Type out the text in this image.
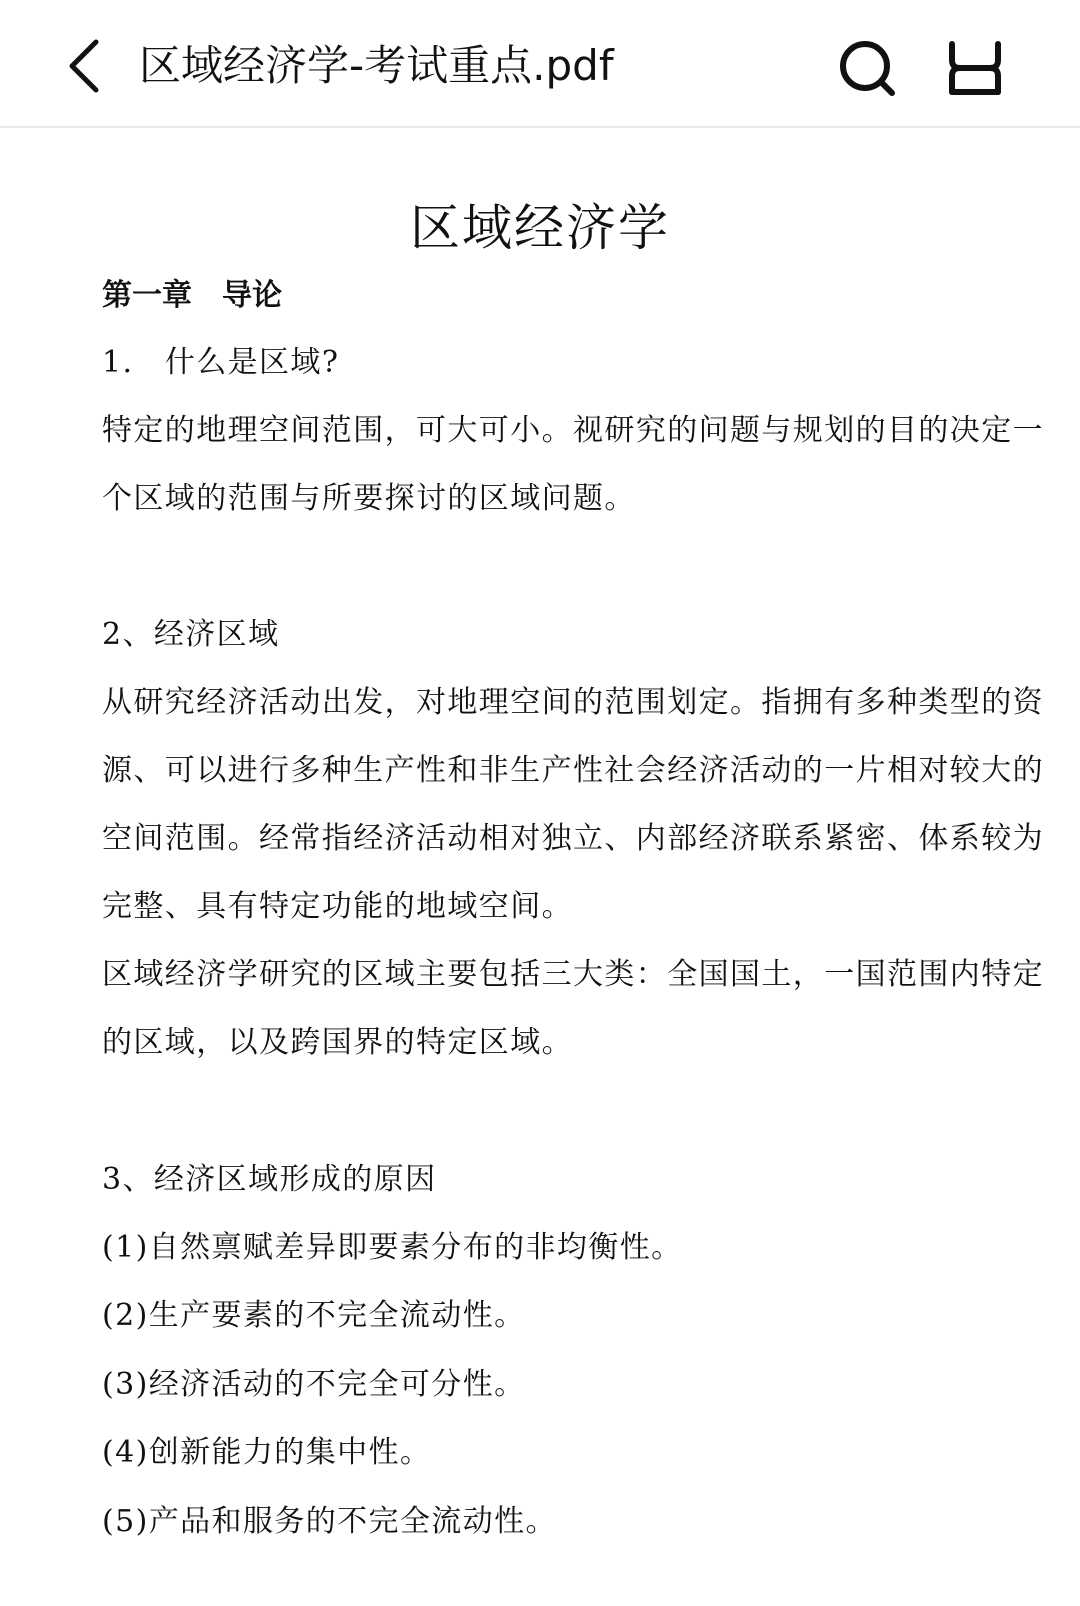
区域经济学-考试重点.pdf
区域经济学
第一章　导论
1.　什么是区域?
特定的地理空间范围，可大可小。视研究的问题与规划的目的决定一
个区域的范围与所要探讨的区域问题。
2、经济区域
从研究经济活动出发，对地理空间的范围划定。指拥有多种类型的资
源、可以进行多种生产性和非生产性社会经济活动的一片相对较大的
空间范围。经常指经济活动相对独立、内部经济联系紧密、体系较为
完整、具有特定功能的地域空间。
区域经济学研究的区域主要包括三大类：全国国土，一国范围内特定
的区域，以及跨国界的特定区域。
3、经济区域形成的原因
(1)自然禀赋差异即要素分布的非均衡性。
(2)生产要素的不完全流动性。
(3)经济活动的不完全可分性。
(4)创新能力的集中性。
(5)产品和服务的不完全流动性。
